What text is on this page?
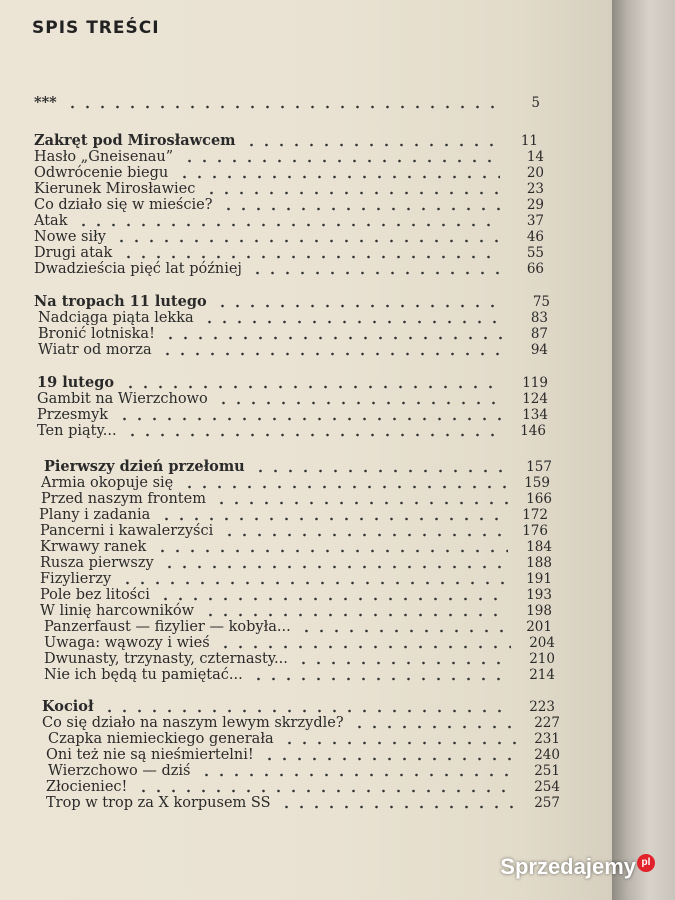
SPIS TREŚCI
***	5
Zakręt pod Mirosławcem	11
Hasło „Gneisenau”	14
Odwrócenie biegu	20
Kierunek Mirosławiec	23
Co działo się w mieście?	29
Atak	37
Nowe siły	46
Drugi atak	55
Dwadzieścia pięć lat później	66
Na tropach 11 lutego	75
Nadciąga piąta lekka	83
Bronić lotniska!	87
Wiatr od morza	94
19 lutego	119
Gambit na Wierzchowo	124
Przesmyk	134
Ten piąty...	146
Pierwszy dzień przełomu	157
Armia okopuje się	159
Przed naszym frontem	166
Plany i zadania	172
Pancerni i kawalerzyści	176
Krwawy ranek	184
Rusza pierwszy	188
Fizylierzy	191
Pole bez litości	193
W linię harcowników	198
Panzerfaust — fizylier — kobyła...	201
Uwaga: wąwozy i wieś	204
Dwunasty, trzynasty, czternasty...	210
Nie ich będą tu pamiętać...	214
Kocioł	223
Co się działo na naszym lewym skrzydle?	227
Czapka niemieckiego generała	231
Oni też nie są nieśmiertelni!	240
Wierzchowo — dziś	251
Złocieniec!	254
Trop w trop za X korpusem SS	257
Sprzedajemy pl
